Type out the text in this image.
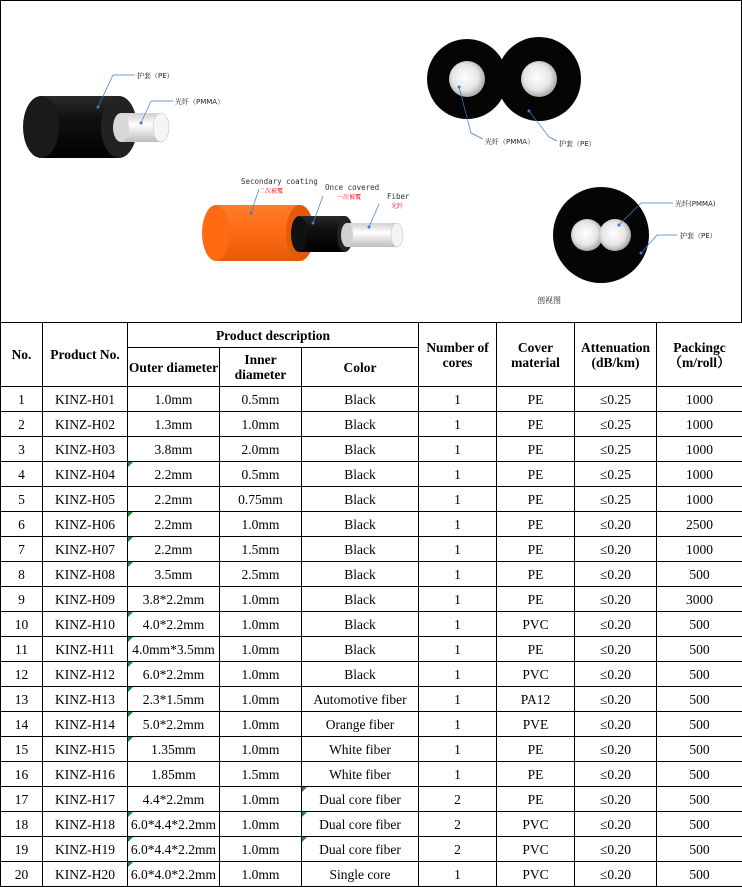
护套（PE）
光纤（PMMA）
光纤（PMMA）	护套（PE）
Secondary coating
二次被覆	Once covered
一次被覆	Fiber
光纤	光纤(PMMA)
护套（PE）
剖视图
No.	Product No.	Product description			Number of cores	Cover material	Attenuation (dB/km)	Packingc （m/roll）
		Outer diameter	Inner diameter	Color				
1	KINZ-H01	1.0mm	0.5mm	Black	1	PE	≤0.25	1000
2	KINZ-H02	1.3mm	1.0mm	Black	1	PE	≤0.25	1000
3	KINZ-H03	3.8mm	2.0mm	Black	1	PE	≤0.25	1000
4	KINZ-H04	2.2mm	0.5mm	Black	1	PE	≤0.25	1000
5	KINZ-H05	2.2mm	0.75mm	Black	1	PE	≤0.25	1000
6	KINZ-H06	2.2mm	1.0mm	Black	1	PE	≤0.20	2500
7	KINZ-H07	2.2mm	1.5mm	Black	1	PE	≤0.20	1000
8	KINZ-H08	3.5mm	2.5mm	Black	1	PE	≤0.20	500
9	KINZ-H09	3.8*2.2mm	1.0mm	Black	1	PE	≤0.20	3000
10	KINZ-H10	4.0*2.2mm	1.0mm	Black	1	PVC	≤0.20	500
11	KINZ-H11	4.0mm*3.5mm	1.0mm	Black	1	PE	≤0.20	500
12	KINZ-H12	6.0*2.2mm	1.0mm	Black	1	PVC	≤0.20	500
13	KINZ-H13	2.3*1.5mm	1.0mm	Automotive fiber	1	PA12	≤0.20	500
14	KINZ-H14	5.0*2.2mm	1.0mm	Orange fiber	1	PVE	≤0.20	500
15	KINZ-H15	1.35mm	1.0mm	White fiber	1	PE	≤0.20	500
16	KINZ-H16	1.85mm	1.5mm	White fiber	1	PE	≤0.20	500
17	KINZ-H17	4.4*2.2mm	1.0mm	Dual core fiber	2	PE	≤0.20	500
18	KINZ-H18	6.0*4.4*2.2mm	1.0mm	Dual core fiber	2	PVC	≤0.20	500
19	KINZ-H19	6.0*4.4*2.2mm	1.0mm	Dual core fiber	2	PVC	≤0.20	500
20	KINZ-H20	6.0*4.0*2.2mm	1.0mm	Single core	1	PVC	≤0.20	500
